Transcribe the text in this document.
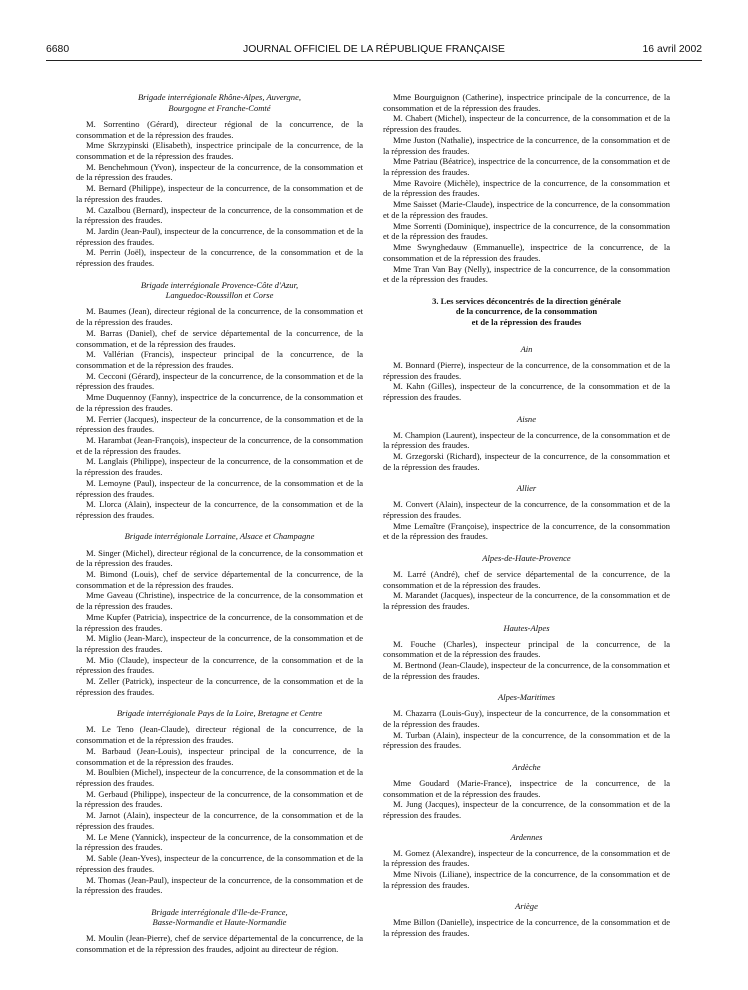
6680	JOURNAL OFFICIEL DE LA RÉPUBLIQUE FRANÇAISE	16 avril 2002
Brigade interrégionale Rhône-Alpes, Auvergne,
Bourgogne et Franche-Comté
M. Sorrentino (Gérard), directeur régional de la concurrence, de la consommation et de la répression des fraudes.
Mme Skrzypinski (Elisabeth), inspectrice principale de la concurrence, de la consommation et de la répression des fraudes.
M. Benchehmoun (Yvon), inspecteur de la concurrence, de la consommation et de la répression des fraudes.
M. Bernard (Philippe), inspecteur de la concurrence, de la consommation et de la répression des fraudes.
M. Cazalbou (Bernard), inspecteur de la concurrence, de la consommation et de la répression des fraudes.
M. Jardin (Jean-Paul), inspecteur de la concurrence, de la consommation et de la répression des fraudes.
M. Perrin (Joël), inspecteur de la concurrence, de la consommation et de la répression des fraudes.
Brigade interrégionale Provence-Côte d'Azur,
Languedoc-Roussillon et Corse
M. Baumes (Jean), directeur régional de la concurrence, de la consommation et de la répression des fraudes.
M. Barras (Daniel), chef de service départemental de la concurrence, de la consommation, et de la répression des fraudes.
M. Vallérian (Francis), inspecteur principal de la concurrence, de la consommation et de la répression des fraudes.
M. Cecconi (Gérard), inspecteur de la concurrence, de la consommation et de la répression des fraudes.
Mme Duquennoy (Fanny), inspectrice de la concurrence, de la consommation et de la répression des fraudes.
M. Ferrier (Jacques), inspecteur de la concurrence, de la consommation et de la répression des fraudes.
M. Harambat (Jean-François), inspecteur de la concurrence, de la consommation et de la répression des fraudes.
M. Langlais (Philippe), inspecteur de la concurrence, de la consommation et de la répression des fraudes.
M. Lemoyne (Paul), inspecteur de la concurrence, de la consommation et de la répression des fraudes.
M. Llorca (Alain), inspecteur de la concurrence, de la consommation et de la répression des fraudes.
Brigade interrégionale Lorraine, Alsace et Champagne
M. Singer (Michel), directeur régional de la concurrence, de la consommation et de la répression des fraudes.
M. Bimond (Louis), chef de service départemental de la concurrence, de la consommation et de la répression des fraudes.
Mme Gaveau (Christine), inspectrice de la concurrence, de la consommation et de la répression des fraudes.
Mme Kupfer (Patricia), inspectrice de la concurrence, de la consommation et de la répression des fraudes.
M. Miglio (Jean-Marc), inspecteur de la concurrence, de la consommation et de la répression des fraudes.
M. Mio (Claude), inspecteur de la concurrence, de la consommation et de la répression des fraudes.
M. Zeller (Patrick), inspecteur de la concurrence, de la consommation et de la répression des fraudes.
Brigade interrégionale Pays de la Loire, Bretagne et Centre
M. Le Teno (Jean-Claude), directeur régional de la concurrence, de la consommation et de la répression des fraudes.
M. Barbaud (Jean-Louis), inspecteur principal de la concurrence, de la consommation et de la répression des fraudes.
M. Boulbien (Michel), inspecteur de la concurrence, de la consommation et de la répression des fraudes.
M. Gerbaud (Philippe), inspecteur de la concurrence, de la consommation et de la répression des fraudes.
M. Jarnot (Alain), inspecteur de la concurrence, de la consommation et de la répression des fraudes.
M. Le Mene (Yannick), inspecteur de la concurrence, de la consommation et de la répression des fraudes.
M. Sable (Jean-Yves), inspecteur de la concurrence, de la consommation et de la répression des fraudes.
M. Thomas (Jean-Paul), inspecteur de la concurrence, de la consommation et de la répression des fraudes.
Brigade interrégionale d'Ile-de-France,
Basse-Normandie et Haute-Normandie
M. Moulin (Jean-Pierre), chef de service départemental de la concurrence, de la consommation et de la répression des fraudes, adjoint au directeur de région.
Mme Bourguignon (Catherine), inspectrice principale de la concurrence, de la consommation et de la répression des fraudes.
M. Chabert (Michel), inspecteur de la concurrence, de la consommation et de la répression des fraudes.
Mme Juston (Nathalie), inspectrice de la concurrence, de la consommation et de la répression des fraudes.
Mme Patriau (Béatrice), inspectrice de la concurrence, de la consommation et de la répression des fraudes.
Mme Ravoire (Michèle), inspectrice de la concurrence, de la consommation et de la répression des fraudes.
Mme Saisset (Marie-Claude), inspectrice de la concurrence, de la consommation et de la répression des fraudes.
Mme Sorrenti (Dominique), inspectrice de la concurrence, de la consommation et de la répression des fraudes.
Mme Swynghedauw (Emmanuelle), inspectrice de la concurrence, de la consommation et de la répression des fraudes.
Mme Tran Van Bay (Nelly), inspectrice de la concurrence, de la consommation et de la répression des fraudes.
3. Les services déconcentrés de la direction générale
de la concurrence, de la consommation
et de la répression des fraudes
Ain
M. Bonnard (Pierre), inspecteur de la concurrence, de la consommation et de la répression des fraudes.
M. Kahn (Gilles), inspecteur de la concurrence, de la consommation et de la répression des fraudes.
Aisne
M. Champion (Laurent), inspecteur de la concurrence, de la consommation et de la répression des fraudes.
M. Grzegorski (Richard), inspecteur de la concurrence, de la consommation et de la répression des fraudes.
Allier
M. Convert (Alain), inspecteur de la concurrence, de la consommation et de la répression des fraudes.
Mme Lemaître (Françoise), inspectrice de la concurrence, de la consommation et de la répression des fraudes.
Alpes-de-Haute-Provence
M. Larré (André), chef de service départemental de la concurrence, de la consommation et de la répression des fraudes.
M. Marandet (Jacques), inspecteur de la concurrence, de la consommation et de la répression des fraudes.
Hautes-Alpes
M. Fouche (Charles), inspecteur principal de la concurrence, de la consommation et de la répression des fraudes.
M. Bertnond (Jean-Claude), inspecteur de la concurrence, de la consommation et de la répression des fraudes.
Alpes-Maritimes
M. Chazarra (Louis-Guy), inspecteur de la concurrence, de la consommation et de la répression des fraudes.
M. Turban (Alain), inspecteur de la concurrence, de la consommation et de la répression des fraudes.
Ardèche
Mme Goudard (Marie-France), inspectrice de la concurrence, de la consommation et de la répression des fraudes.
M. Jung (Jacques), inspecteur de la concurrence, de la consommation et de la répression des fraudes.
Ardennes
M. Gomez (Alexandre), inspecteur de la concurrence, de la consommation et de la répression des fraudes.
Mme Nivois (Liliane), inspectrice de la concurrence, de la consommation et de la répression des fraudes.
Ariège
Mme Billon (Danielle), inspectrice de la concurrence, de la consommation et de la répression des fraudes.
